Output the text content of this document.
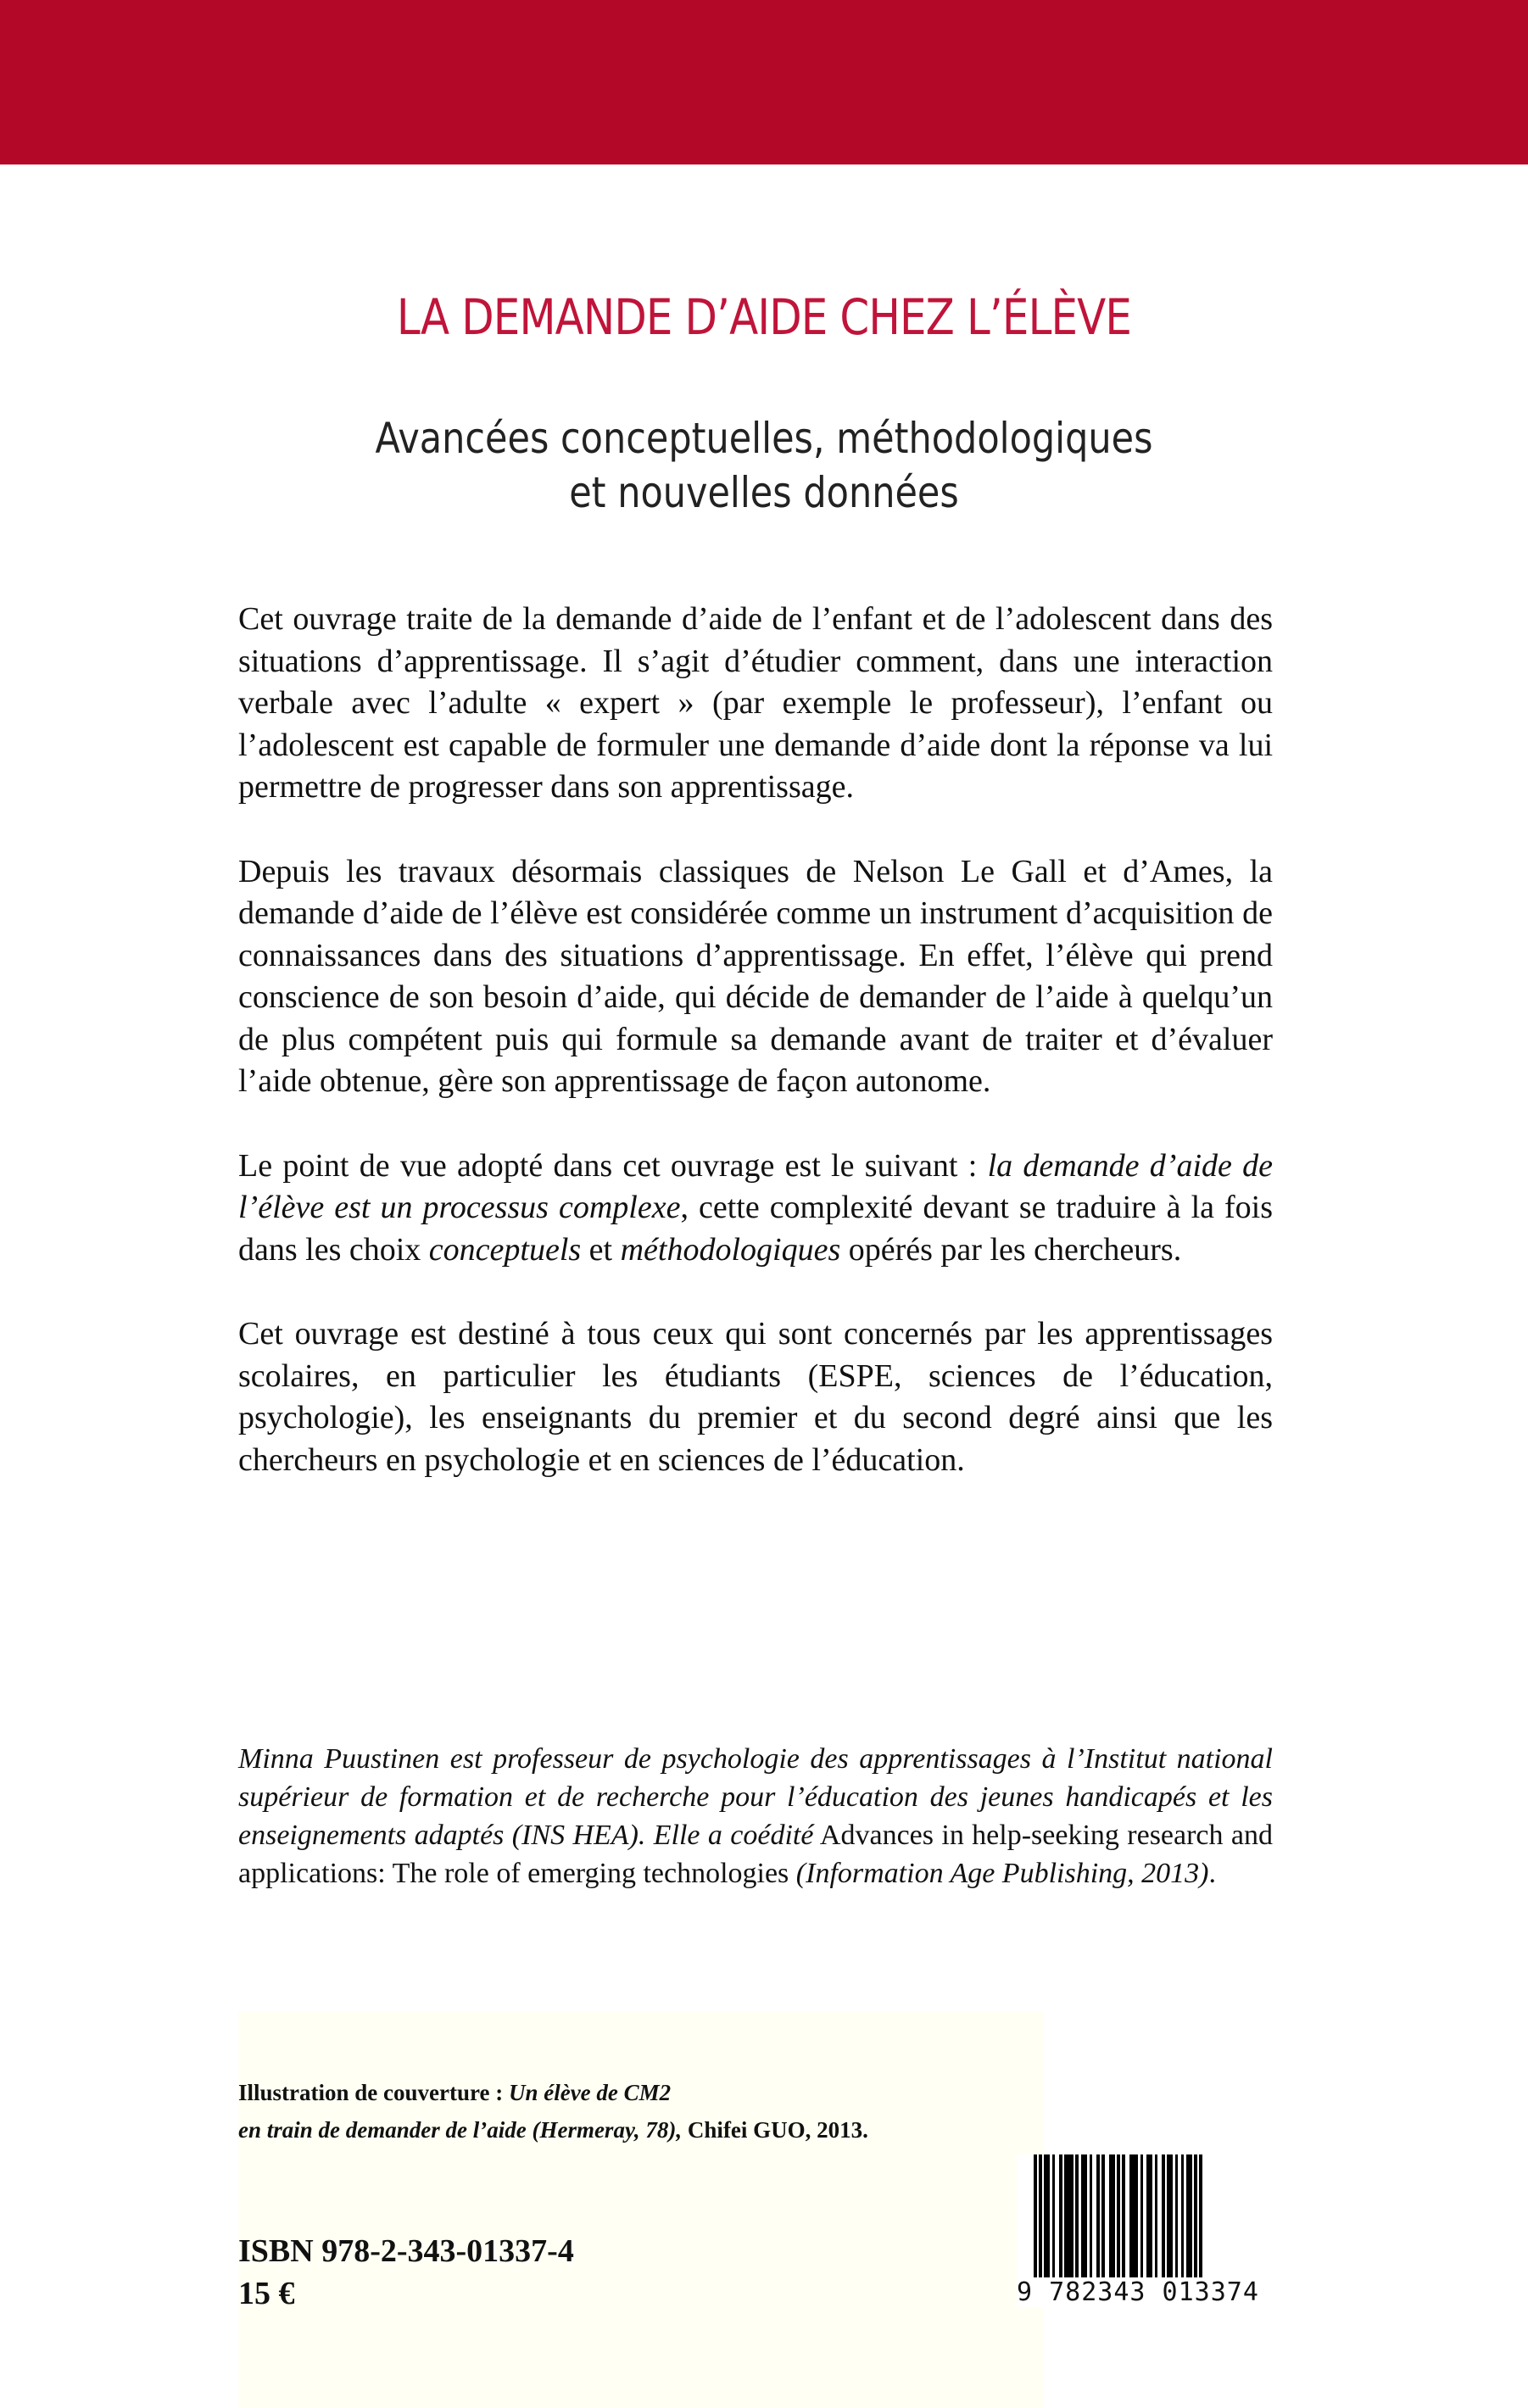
LA DEMANDE D’AIDE CHEZ L’ÉLÈVE
Avancées conceptuelles, méthodologiques
et nouvelles données

Cet ouvrage traite de la demande d’aide de l’enfant et de l’adolescent dans des situations d’apprentissage. Il s’agit d’étudier comment, dans une interaction verbale avec l’adulte « expert » (par exemple le professeur), l’enfant ou l’adolescent est capable de formuler une demande d’aide dont la réponse va lui permettre de progresser dans son apprentissage.

Depuis les travaux désormais classiques de Nelson Le Gall et d’Ames, la demande d’aide de l’élève est considérée comme un instrument d’acquisition de connaissances dans des situations d’apprentissage. En effet, l’élève qui prend conscience de son besoin d’aide, qui décide de demander de l’aide à quelqu’un de plus compétent puis qui formule sa demande avant de traiter et d’évaluer l’aide obtenue, gère son apprentissage de façon autonome.

Le point de vue adopté dans cet ouvrage est le suivant : la demande d’aide de l’élève est un processus complexe, cette complexité devant se traduire à la fois dans les choix conceptuels et méthodologiques opérés par les chercheurs.

Cet ouvrage est destiné à tous ceux qui sont concernés par les apprentissages scolaires, en particulier les étudiants (ESPE, sciences de l’éducation, psychologie), les enseignants du premier et du second degré ainsi que les chercheurs en psychologie et en sciences de l’éducation.

Minna Puustinen est professeur de psychologie des apprentissages à l’Institut national supérieur de formation et de recherche pour l’éducation des jeunes handicapés et les enseignements adaptés (INS HEA). Elle a coédité Advances in help-seeking research and applications: The role of emerging technologies (Information Age Publishing, 2013).
Illustration de couverture : Un élève de CM2
en train de demander de l’aide (Hermeray, 78), Chifei GUO, 2013.
ISBN 978-2-343-01337-4
15 €	9 782343 013374
